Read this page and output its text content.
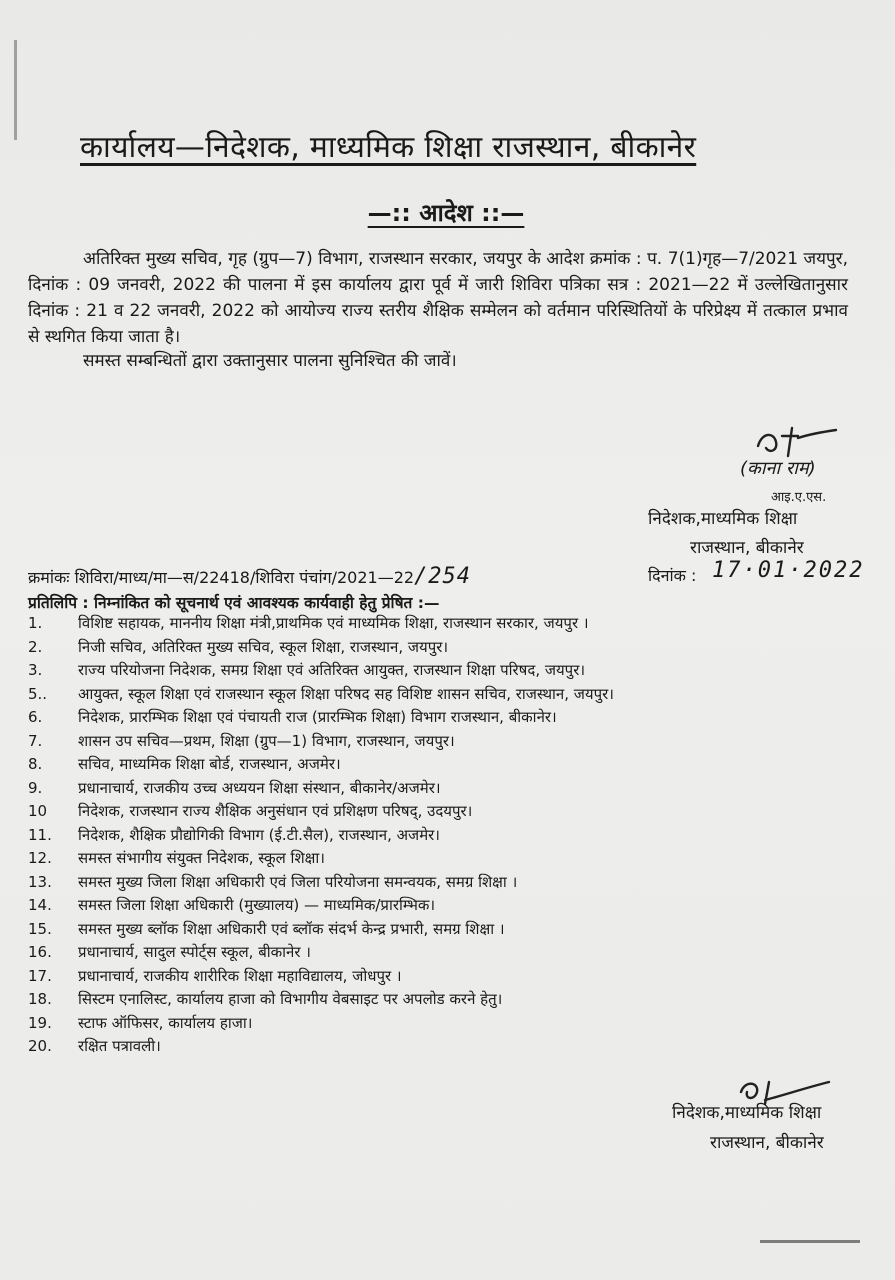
कार्यालय—निदेशक, माध्यमिक शिक्षा राजस्थान, बीकानेर
—:: आदेश ::—
अतिरिक्त मुख्य सचिव, गृह (ग्रुप—7) विभाग, राजस्थान सरकार, जयपुर के आदेश क्रमांक : प. 7(1)गृह—7/2021 जयपुर, दिनांक : 09 जनवरी, 2022 की पालना में इस कार्यालय द्वारा पूर्व में जारी शिविरा पत्रिका सत्र : 2021—22 में उल्लेखितानुसार दिनांक : 21 व 22 जनवरी, 2022 को आयोज्य राज्य स्तरीय शैक्षिक सम्मेलन को वर्तमान परिस्थितियों के परिप्रेक्ष्य में तत्काल प्रभाव से स्थगित किया जाता है।
समस्त सम्बन्धितों द्वारा उक्तानुसार पालना सुनिश्चित की जावें।
(काना राम)
आइ.ए.एस.
निदेशक,माध्यमिक शिक्षा
राजस्थान, बीकानेर
क्रमांकः शिविरा/माध्य/मा—स/22418/शिविरा पंचांग/2021—22/254	दिनांक : 17·01·2022
प्रतिलिपि : निम्नांकित को सूचनार्थ एवं आवश्यक कार्यवाही हेतु प्रेषित :—
1.	विशिष्ट सहायक, माननीय शिक्षा मंत्री,प्राथमिक एवं माध्यमिक शिक्षा, राजस्थान सरकार, जयपुर ।
2.	निजी सचिव, अतिरिक्त मुख्य सचिव, स्कूल शिक्षा, राजस्थान, जयपुर।
3.	राज्य परियोजना निदेशक, समग्र शिक्षा एवं अतिरिक्त आयुक्त, राजस्थान शिक्षा परिषद, जयपुर।
5..	आयुक्त, स्कूल शिक्षा एवं राजस्थान स्कूल शिक्षा परिषद सह विशिष्ट शासन सचिव, राजस्थान, जयपुर।
6.	निदेशक, प्रारम्भिक शिक्षा एवं पंचायती राज (प्रारम्भिक शिक्षा) विभाग राजस्थान, बीकानेर।
7.	शासन उप सचिव—प्रथम, शिक्षा (ग्रुप—1) विभाग, राजस्थान, जयपुर।
8.	सचिव, माध्यमिक शिक्षा बोर्ड, राजस्थान, अजमेर।
9.	प्रधानाचार्य, राजकीय उच्च अध्ययन शिक्षा संस्थान, बीकानेर/अजमेर।
10	निदेशक, राजस्थान राज्य शैक्षिक अनुसंधान एवं प्रशिक्षण परिषद्, उदयपुर।
11.	निदेशक, शैक्षिक प्रौद्योगिकी विभाग (ई.टी.सैल), राजस्थान, अजमेर।
12.	समस्त संभागीय संयुक्त निदेशक, स्कूल शिक्षा।
13.	समस्त मुख्य जिला शिक्षा अधिकारी एवं जिला परियोजना समन्वयक, समग्र शिक्षा ।
14.	समस्त जिला शिक्षा अधिकारी (मुख्यालय) — माध्यमिक/प्रारम्भिक।
15.	समस्त मुख्य ब्लॉक शिक्षा अधिकारी एवं ब्लॉक संदर्भ केन्द्र प्रभारी, समग्र शिक्षा ।
16.	प्रधानाचार्य, सादुल स्पोर्ट्स स्कूल, बीकानेर ।
17.	प्रधानाचार्य, राजकीय शारीरिक शिक्षा महाविद्यालय, जोधपुर ।
18.	सिस्टम एनालिस्ट, कार्यालय हाजा को विभागीय वेबसाइट पर अपलोड करने हेतु।
19.	स्टाफ ऑफिसर, कार्यालय हाजा।
20.	रक्षित पत्रावली।
निदेशक,माध्यमिक शिक्षा
राजस्थान, बीकानेर
